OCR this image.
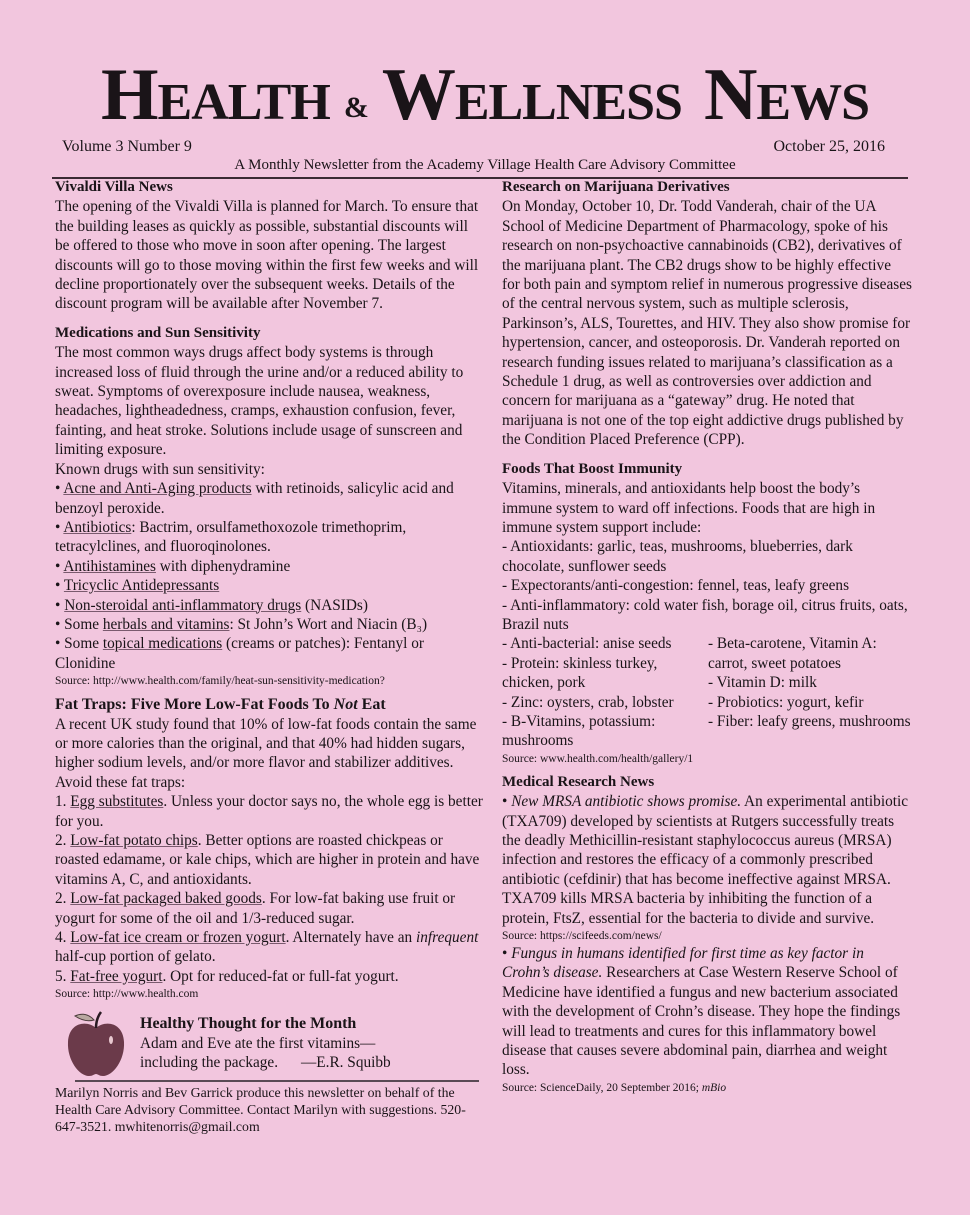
HEALTH & WELLNESS NEWS
Volume 3 Number 9	October 25, 2016
A Monthly Newsletter from the Academy Village Health Care Advisory Committee
Vivaldi Villa News

The opening of the Vivaldi Villa is planned for March. To ensure that the building leases as quickly as possible, substantial discounts will be offered to those who move in soon after opening. The largest discounts will go to those moving within the first few weeks and will decline proportionately over the subsequent weeks. Details of the discount program will be available after November 7.

Medications and Sun Sensitivity

The most common ways drugs affect body systems is through increased loss of fluid through the urine and/or a reduced ability to sweat. Symptoms of overexposure include nausea, weakness, headaches, lightheadedness, cramps, exhaustion confusion, fever, fainting, and heat stroke. Solutions include usage of sunscreen and limiting exposure.

Known drugs with sun sensitivity:

• Acne and Anti-Aging products with retinoids, salicylic acid and benzoyl peroxide.

• Antibiotics: Bactrim, orsulfamethoxozole trimethoprim, tetracylclines, and fluoroqinolones.

• Antihistamines with diphenydramine

• Tricyclic Antidepressants

• Non-steroidal anti-inflammatory drugs (NASIDs)

• Some herbals and vitamins: St John’s Wort and Niacin (B₃)

• Some topical medications (creams or patches): Fentanyl or Clonidine

Source: http://www.health.com/family/heat-sun-sensitivity-medication?

Fat Traps: Five More Low-Fat Foods To Not Eat

A recent UK study found that 10% of low-fat foods contain the same or more calories than the original, and that 40% had hidden sugars, higher sodium levels, and/or more flavor and stabilizer additives. Avoid these fat traps:

1. Egg substitutes. Unless your doctor says no, the whole egg is better for you.

2. Low-fat potato chips. Better options are roasted chickpeas or roasted edamame, or kale chips, which are higher in protein and have vitamins A, C, and antioxidants.

2. Low-fat packaged baked goods. For low-fat baking use fruit or yogurt for some of the oil and 1/3-reduced sugar.

4. Low-fat ice cream or frozen yogurt. Alternately have an infrequent half-cup portion of gelato.

5. Fat-free yogurt. Opt for reduced-fat or full-fat yogurt.

Source: http://www.health.com

Healthy Thought for the Month

Adam and Eve ate the first vitamins—

including the package.      —E.R. Squibb

Marilyn Norris and Bev Garrick produce this newsletter on behalf of the Health Care Advisory Committee. Contact Marilyn with suggestions. 520-647-3521. mwhitenorris@gmail.com

Research on Marijuana Derivatives

On Monday, October 10, Dr. Todd Vanderah, chair of the UA School of Medicine Department of Pharmacology, spoke of his research on non-psychoactive cannabinoids (CB2), derivatives of the marijuana plant. The CB2 drugs show to be highly effective for both pain and symptom relief in numerous progressive diseases of the central nervous system, such as multiple sclerosis, Parkinson’s, ALS, Tourettes, and HIV. They also show promise for hypertension, cancer, and osteoporosis. Dr. Vanderah reported on research funding issues related to marijuana’s classification as a Schedule 1 drug, as well as controversies over addiction and concern for marijuana as a “gateway” drug. He noted that marijuana is not one of the top eight addictive drugs published by the Condition Placed Preference (CPP).

Foods That Boost Immunity

Vitamins, minerals, and antioxidants help boost the body’s immune system to ward off infections. Foods that are high in immune system support include:

- Antioxidants: garlic, teas, mushrooms, blueberries, dark chocolate, sunflower seeds

- Expectorants/anti-congestion: fennel, teas, leafy greens

- Anti-inflammatory: cold water fish, borage oil, citrus fruits, oats, Brazil nuts

- Anti-bacterial: anise seeds

- Protein: skinless turkey, chicken, pork

- Zinc: oysters, crab, lobster

- B-Vitamins, potassium: mushrooms

- Beta-carotene, Vitamin A: carrot, sweet potatoes

- Vitamin D: milk

- Probiotics: yogurt, kefir

- Fiber: leafy greens, mushrooms

Source: www.health.com/health/gallery/1

Medical Research News

• New MRSA antibiotic shows promise. An experimental antibiotic (TXA709) developed by scientists at Rutgers successfully treats the deadly Methicillin-resistant staphylococcus aureus (MRSA) infection and restores the efficacy of a commonly prescribed antibiotic (cefdinir) that has become ineffective against MRSA. TXA709 kills MRSA bacteria by inhibiting the function of a protein, FtsZ, essential for the bacteria to divide and survive.

Source: https://scifeeds.com/news/

• Fungus in humans identified for first time as key factor in Crohn’s disease. Researchers at Case Western Reserve School of Medicine have identified a fungus and new bacterium associated with the development of Crohn’s disease. They hope the findings will lead to treatments and cures for this inflammatory bowel disease that causes severe abdominal pain, diarrhea and weight loss.

Source: ScienceDaily, 20 September 2016; mBio
